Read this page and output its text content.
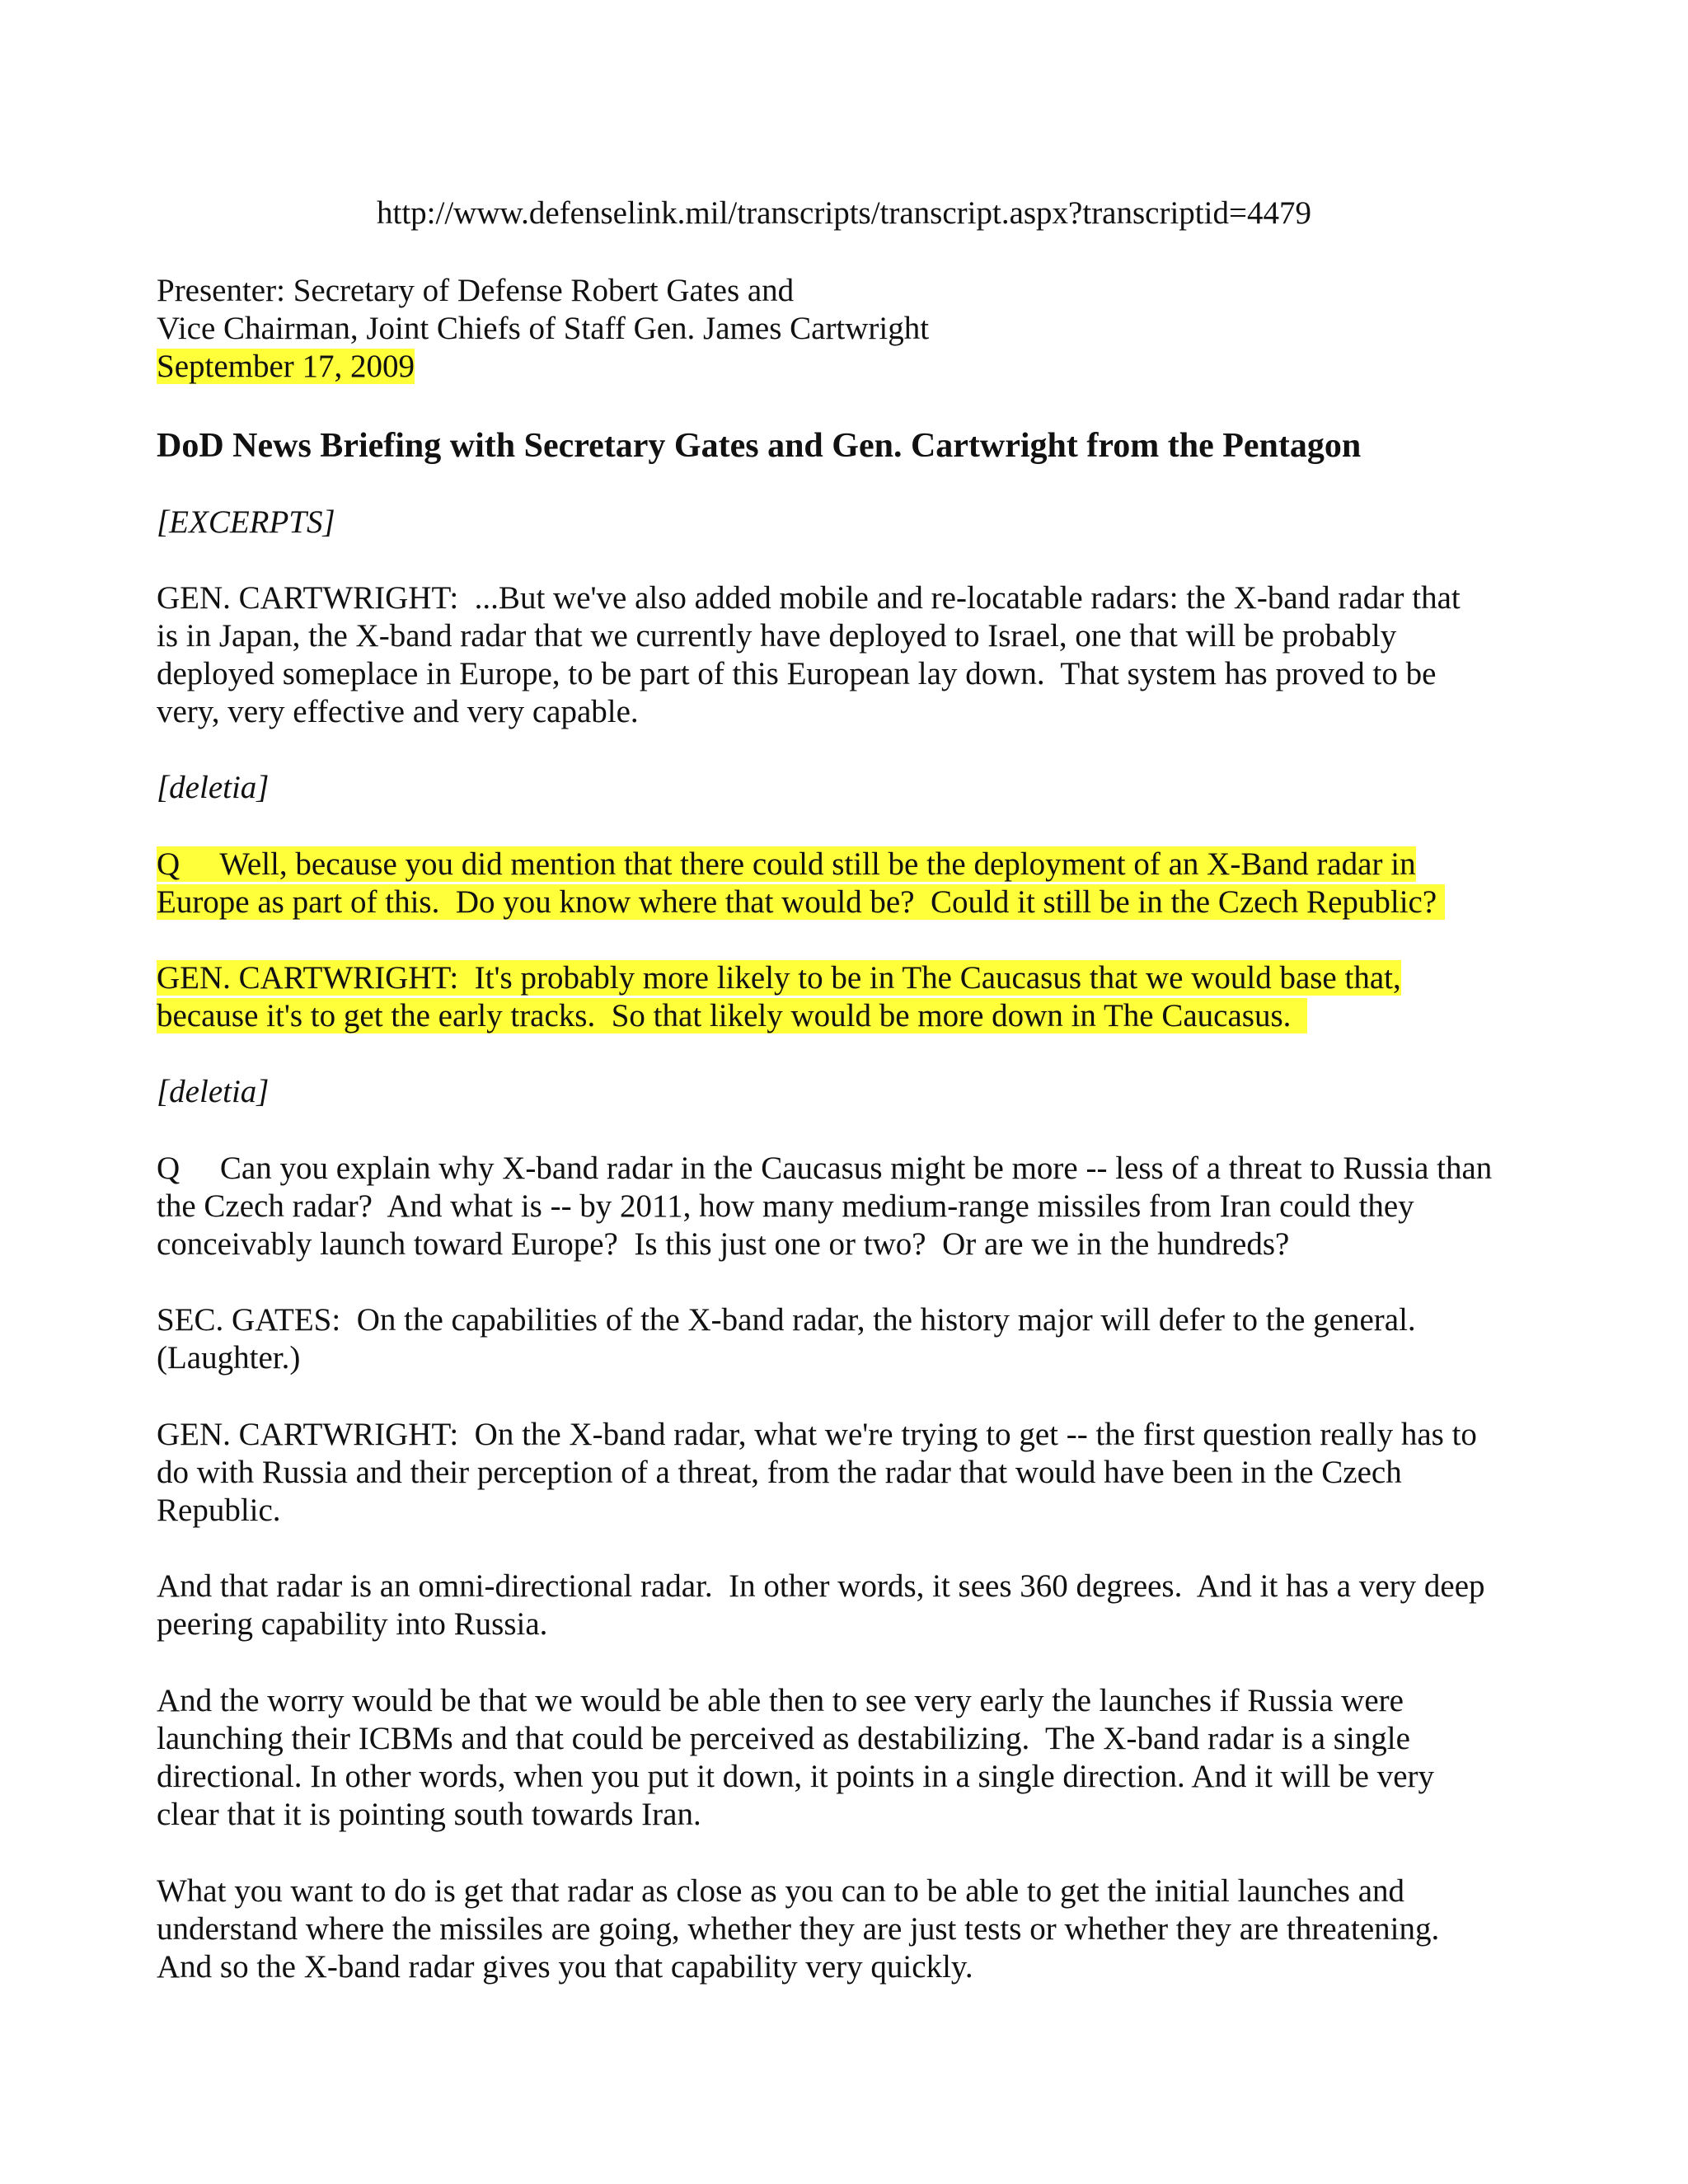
http://www.defenselink.mil/transcripts/transcript.aspx?transcriptid=4479
Presenter: Secretary of Defense Robert Gates and
Vice Chairman, Joint Chiefs of Staff Gen. James Cartwright
September 17, 2009
DoD News Briefing with Secretary Gates and Gen. Cartwright from the Pentagon
[EXCERPTS]
GEN. CARTWRIGHT:  ...But we've also added mobile and re-locatable radars: the X-band radar that
is in Japan, the X-band radar that we currently have deployed to Israel, one that will be probably
deployed someplace in Europe, to be part of this European lay down.  That system has proved to be
very, very effective and very capable.
[deletia]
Q     Well, because you did mention that there could still be the deployment of an X-Band radar in
Europe as part of this.  Do you know where that would be?  Could it still be in the Czech Republic?
GEN. CARTWRIGHT:  It's probably more likely to be in The Caucasus that we would base that,
because it's to get the early tracks.  So that likely would be more down in The Caucasus.
[deletia]
Q     Can you explain why X-band radar in the Caucasus might be more -- less of a threat to Russia than
the Czech radar?  And what is -- by 2011, how many medium-range missiles from Iran could they
conceivably launch toward Europe?  Is this just one or two?  Or are we in the hundreds?
SEC. GATES:  On the capabilities of the X-band radar, the history major will defer to the general.
(Laughter.)
GEN. CARTWRIGHT:  On the X-band radar, what we're trying to get -- the first question really has to
do with Russia and their perception of a threat, from the radar that would have been in the Czech
Republic.
And that radar is an omni-directional radar.  In other words, it sees 360 degrees.  And it has a very deep
peering capability into Russia.
And the worry would be that we would be able then to see very early the launches if Russia were
launching their ICBMs and that could be perceived as destabilizing.  The X-band radar is a single
directional. In other words, when you put it down, it points in a single direction. And it will be very
clear that it is pointing south towards Iran.
What you want to do is get that radar as close as you can to be able to get the initial launches and
understand where the missiles are going, whether they are just tests or whether they are threatening.
And so the X-band radar gives you that capability very quickly.
